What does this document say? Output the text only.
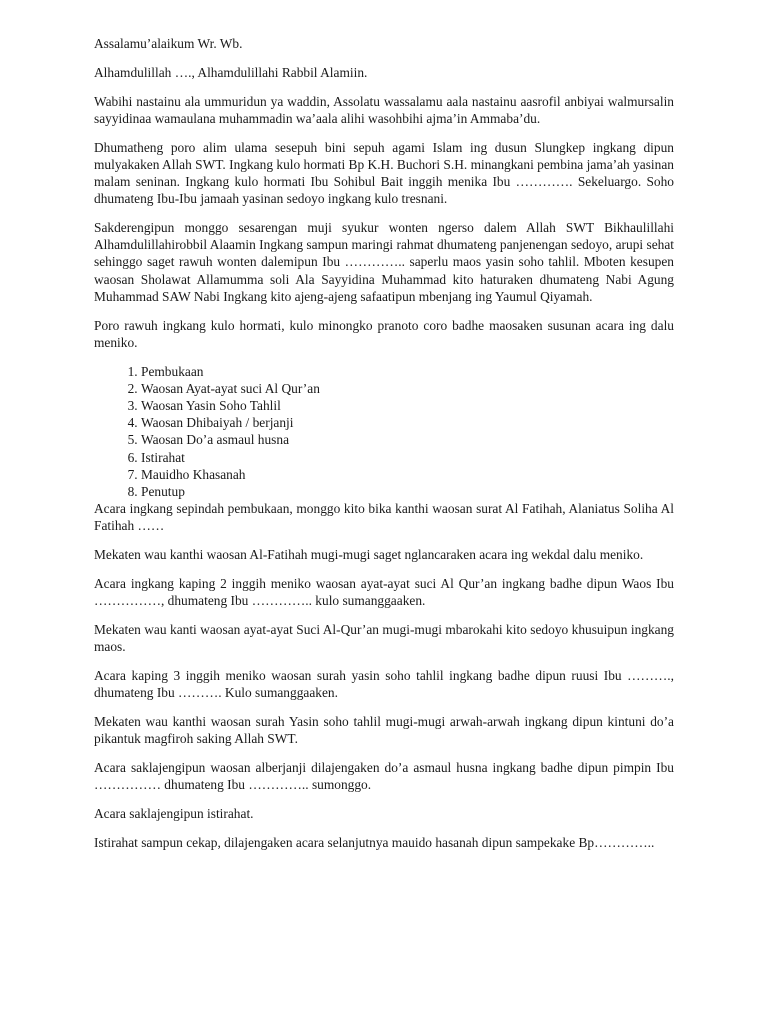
Assalamu’alaikum Wr. Wb.

Alhamdulillah …., Alhamdulillahi Rabbil Alamiin.

Wabihi nastainu ala ummuridun ya waddin, Assolatu wassalamu aala nastainu aasrofil anbiyai walmursalin sayyidinaa wamaulana muhammadin wa’aala alihi wasohbihi ajma’in Ammaba’du.

Dhumatheng poro alim ulama sesepuh bini sepuh agami Islam ing dusun Slungkep ingkang dipun mulyakaken Allah SWT. Ingkang kulo hormati Bp K.H. Buchori S.H. minangkani pembina jama’ah yasinan malam seninan. Ingkang kulo hormati Ibu Sohibul Bait inggih menika Ibu …………. Sekeluargo. Soho dhumateng Ibu-Ibu jamaah yasinan sedoyo ingkang kulo tresnani.

Sakderengipun monggo sesarengan muji syukur wonten ngerso dalem Allah SWT Bikhaulillahi Alhamdulillahirobbil Alaamin Ingkang sampun maringi rahmat dhumateng panjenengan sedoyo, arupi sehat sehinggo saget rawuh wonten dalemipun Ibu ………….. saperlu maos yasin soho tahlil. Mboten kesupen waosan Sholawat Allamumma soli Ala Sayyidina Muhammad kito haturaken dhumateng Nabi Agung Muhammad SAW Nabi Ingkang kito ajeng-ajeng safaatipun mbenjang ing Yaumul Qiyamah.

Poro rawuh ingkang kulo hormati, kulo minongko pranoto coro badhe maosaken susunan acara ing dalu meniko.

1. Pembukaan
2. Waosan Ayat-ayat suci Al Qur’an
3. Waosan Yasin Soho Tahlil
4. Waosan Dhibaiyah / berjanji
5. Waosan Do’a asmaul husna
6. Istirahat
7. Mauidho Khasanah
8. Penutup

Acara ingkang sepindah pembukaan, monggo kito bika kanthi waosan surat Al Fatihah, Alaniatus Soliha Al Fatihah ……

Mekaten wau kanthi waosan Al-Fatihah mugi-mugi saget nglancaraken acara ing wekdal dalu meniko.

Acara ingkang kaping 2 inggih meniko waosan ayat-ayat suci Al Qur’an ingkang badhe dipun Waos Ibu ……………, dhumateng Ibu ………….. kulo sumanggaaken.

Mekaten wau kanti waosan ayat-ayat Suci Al-Qur’an mugi-mugi mbarokahi kito sedoyo khusuipun ingkang maos.

Acara kaping 3 inggih meniko waosan surah yasin soho tahlil ingkang badhe dipun ruusi Ibu ………., dhumateng Ibu ………. Kulo sumanggaaken.

Mekaten wau kanthi waosan surah Yasin soho tahlil mugi-mugi arwah-arwah ingkang dipun kintuni do’a pikantuk magfiroh saking Allah SWT.

Acara saklajengipun waosan alberjanji dilajengaken do’a asmaul husna ingkang badhe dipun pimpin Ibu …………… dhumateng Ibu ………….. sumonggo.

Acara saklajengipun istirahat.

Istirahat sampun cekap, dilajengaken acara selanjutnya mauido hasanah dipun sampekake Bp…………..
